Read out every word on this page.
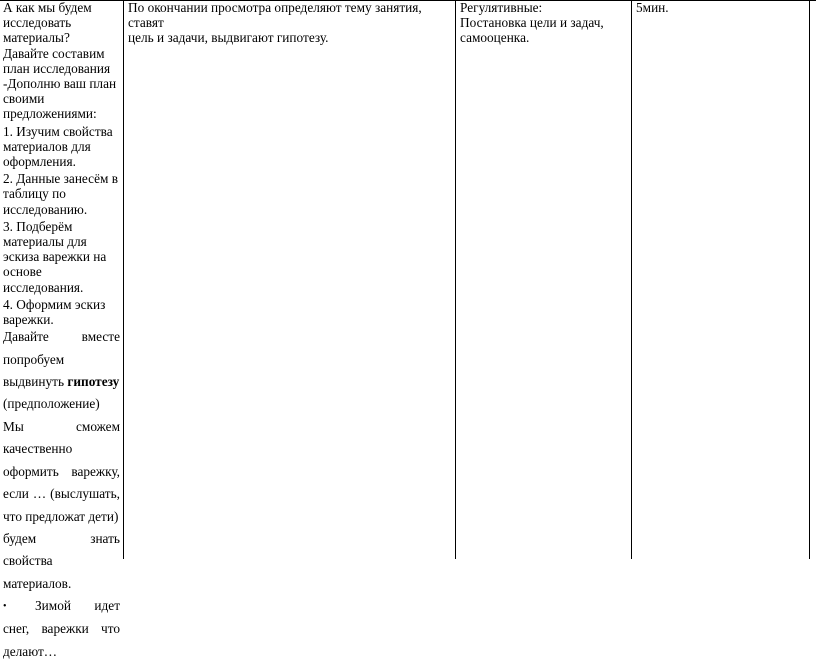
А как мы будем
исследовать
материалы?
Давайте составим
план исследования
-Дополню ваш план
своими
предложениями:
1. Изучим свойства
материалов для
оформления.
2. Данные занесём в
таблицу по
исследованию.
3. Подберём
материалы для
эскиза варежки на
основе
исследования.
4. Оформим эскиз
варежки.
Давайте вместе
попробуем
выдвинуть гипотезу
(предположение)
Мы сможем
качественно
оформить варежку,
если … (выслушать,
что предложат дети)
будем знать
свойства
материалов.
• Зимой идет
снег, варежки что
делают…
По окончании просмотра определяют тему занятия, ставят
цель и задачи, выдвигают гипотезу.
Регулятивные:
Постановка цели и задач,
самооценка.
5мин.
